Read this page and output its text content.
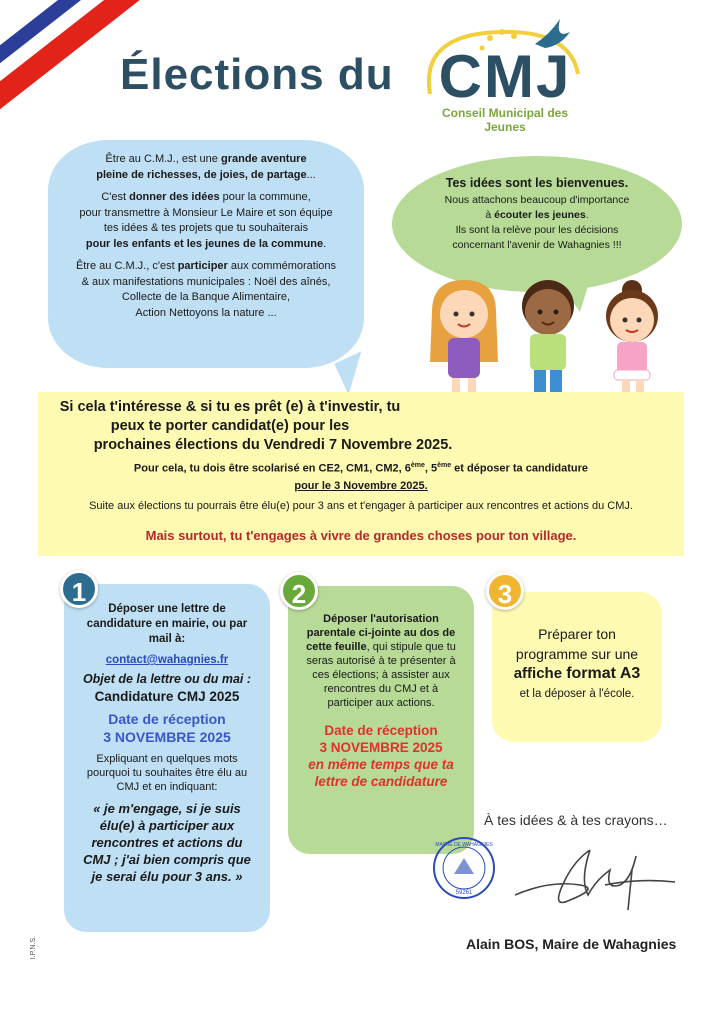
Élections du CMJ
Conseil Municipal des Jeunes

Être au C.M.J., est une grande aventure
pleine de richesses, de joies, de partage...

C'est donner des idées pour la commune,
pour transmettre à Monsieur Le Maire et son équipe
tes idées & tes projets que tu souhaiterais
pour les enfants et les jeunes de la commune.

Être au C.M.J., c'est participer aux commémorations
& aux manifestations municipales : Noël des aînés,
Collecte de la Banque Alimentaire,
Action Nettoyons la nature ...

Tes idées sont les bienvenues.
Nous attachons beaucoup d'importance
à écouter les jeunes.
Ils sont la relève pour les décisions
concernant l'avenir de Wahagnies !!!
Si cela t'intéresse & si tu es prêt (e) à t'investir, tu peux te porter candidat(e) pour les
prochaines élections du Vendredi 7 Novembre 2025.
Pour cela, tu dois être scolarisé en CE2, CM1, CM2, 6ème, 5ème et déposer ta candidature
pour le 3 Novembre 2025.
Suite aux élections tu pourrais être élu(e) pour 3 ans et t'engager à participer aux rencontres et actions du CMJ.
Mais surtout, tu t'engages à vivre de grandes choses pour ton village.
Déposer une lettre de candidature en mairie, ou par mail à:
contact@wahagnies.fr
Objet de la lettre ou du mai :
Candidature CMJ 2025
Date de réception
3 NOVEMBRE 2025
Expliquant en quelques mots pourquoi tu souhaites être élu au CMJ et en indiquant:
« je m'engage, si je suis élu(e) à participer aux rencontres et actions du CMJ ; j'ai bien compris que je serai élu pour 3 ans. »
1
Déposer l'autorisation parentale ci-jointe au dos de cette feuille, qui stipule que tu seras autorisé à te présenter à ces élections; à assister aux rencontres du CMJ et à participer aux actions.
Date de réception
3 NOVEMBRE 2025
en même temps que ta lettre de candidature
2
Préparer ton programme sur une
affiche format A3
et la déposer à l'école.
3
À tes idées & à tes crayons…
MAIRIE DE WAHAGNIES
59261
Alain BOS, Maire de Wahagnies
I.P.N.S.
